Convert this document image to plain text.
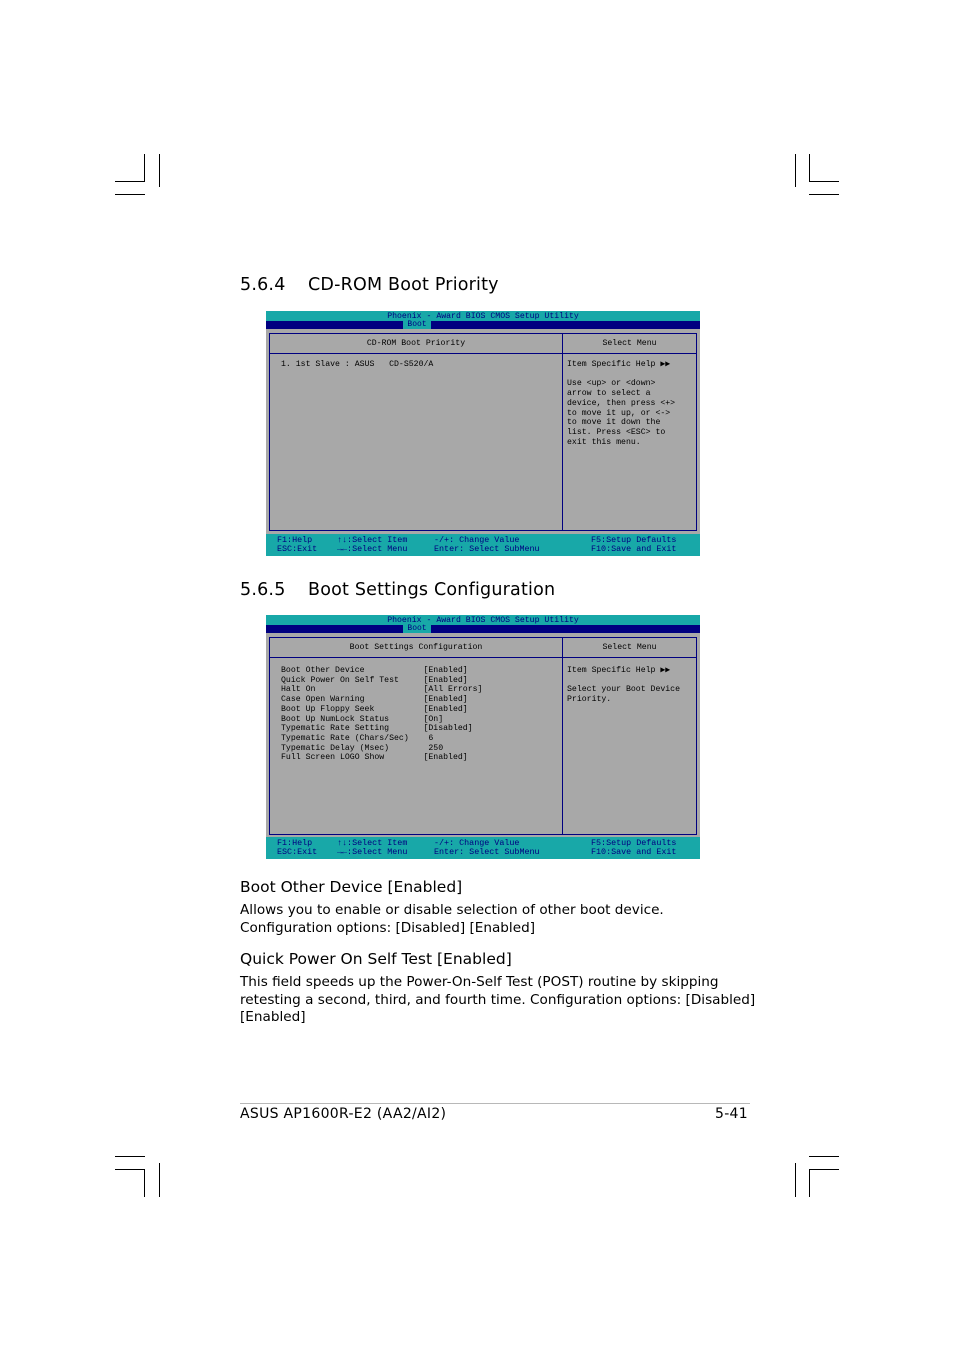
5.6.4 CD-ROM Boot Priority
Phoenix - Award BIOS CMOS Setup Utility
Boot
CD-ROM Boot Priority	Select Menu
1. 1st Slave : ASUS   CD-S520/A	Item Specific Help ▶▶
Use <up> or <down>
arrow to select a
device, then press <+>
to move it up, or <->
to move it down the
list. Press <ESC> to
exit this menu.
F1:Help	↑↓:Select Item	-/+: Change Value	F5:Setup Defaults
ESC:Exit →←:Select Menu	Enter: Select SubMenu	F10:Save and Exit
5.6.5 Boot Settings Configuration
Phoenix - Award BIOS CMOS Setup Utility
Boot
Boot Settings Configuration	Select Menu
Boot Other Device            [Enabled]
Quick Power On Self Test     [Enabled]
Halt On                      [All Errors]
Case Open Warning            [Enabled]
Boot Up Floppy Seek          [Enabled]
Boot Up NumLock Status       [On]
Typematic Rate Setting       [Disabled]
Typematic Rate (Chars/Sec)    6
Typematic Delay (Msec)        250
Full Screen LOGO Show        [Enabled]
Item Specific Help ▶▶
Select your Boot Device
Priority.
F1:Help	↑↓:Select Item	-/+: Change Value	F5:Setup Defaults
ESC:Exit →←:Select Menu	Enter: Select SubMenu	F10:Save and Exit
Boot Other Device [Enabled]
Allows you to enable or disable selection of other boot device.
Configuration options: [Disabled] [Enabled]
Quick Power On Self Test [Enabled]
This field speeds up the Power-On-Self Test (POST) routine by skipping
retesting a second, third, and fourth time. Configuration options: [Disabled]
[Enabled]
ASUS AP1600R-E2 (AA2/AI2)	5-41
